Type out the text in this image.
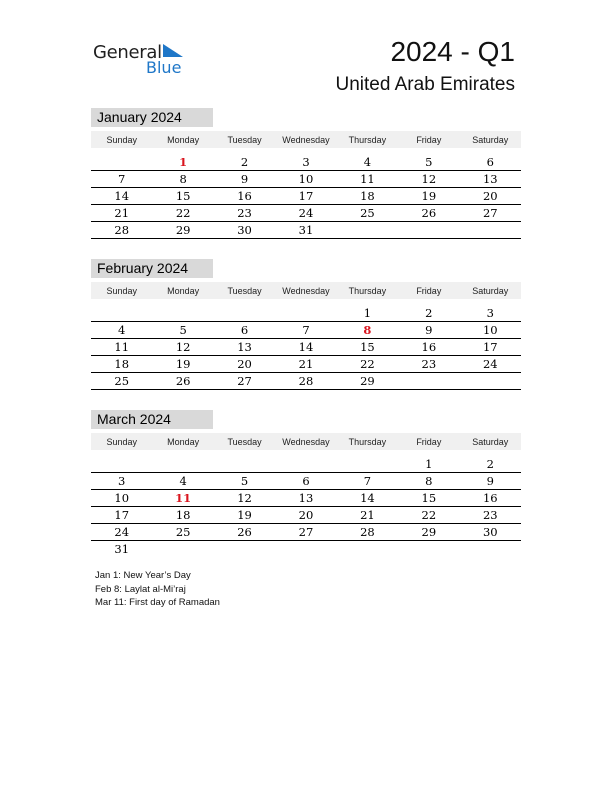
General
Blue
2024 - Q1
United Arab Emirates
January 2024
Sunday	Monday	Tuesday	Wednesday	Thursday	Friday	Saturday

	1	2	3	4	5	6
7	8	9	10	11	12	13
14	15	16	17	18	19	20
21	22	23	24	25	26	27
28	29	30	31			
February 2024
Sunday	Monday	Tuesday	Wednesday	Thursday	Friday	Saturday

				1	2	3
4	5	6	7	8	9	10
11	12	13	14	15	16	17
18	19	20	21	22	23	24
25	26	27	28	29		
March 2024
Sunday	Monday	Tuesday	Wednesday	Thursday	Friday	Saturday

					1	2
3	4	5	6	7	8	9
10	11	12	13	14	15	16
17	18	19	20	21	22	23
24	25	26	27	28	29	30
31						
Jan 1: New Year’s Day
Feb 8: Laylat al-Mi’raj
Mar 11: First day of Ramadan
